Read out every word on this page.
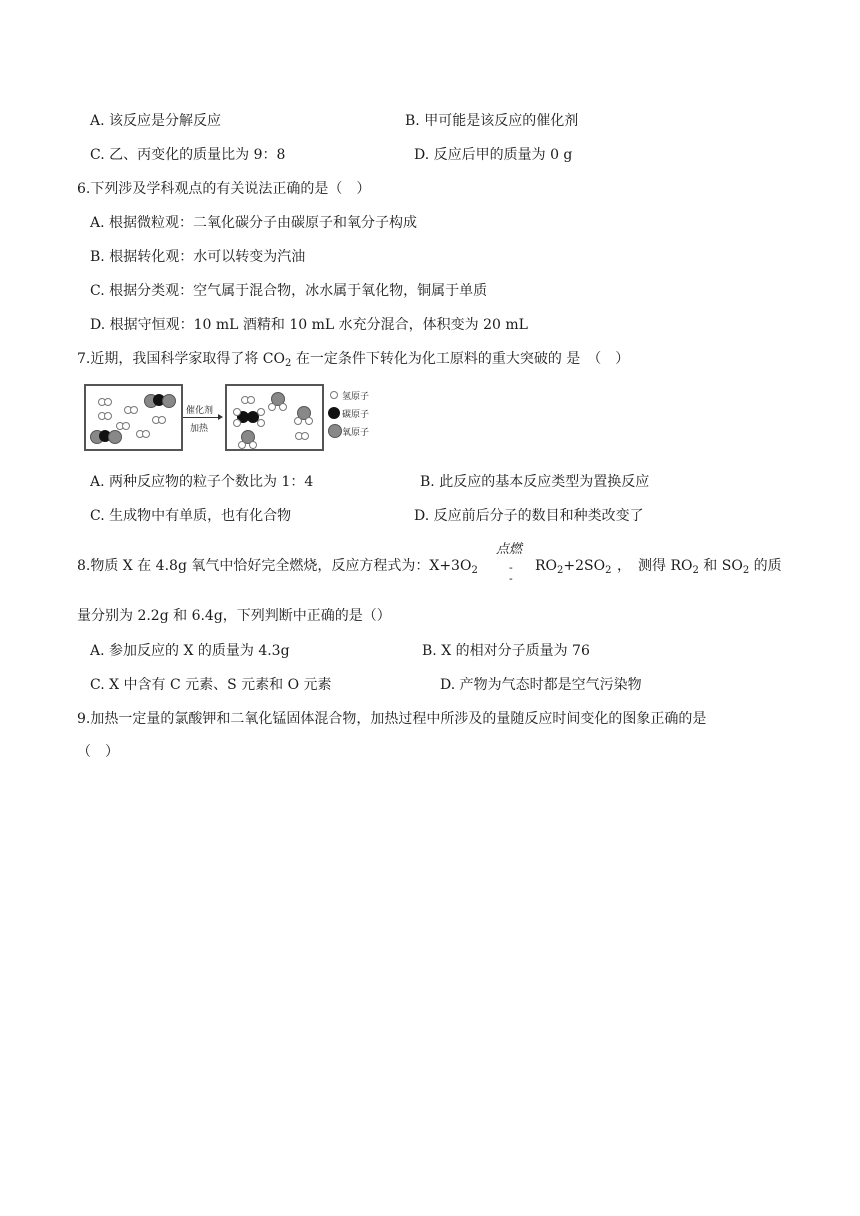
A. 该反应是分解反应	B. 甲可能是该反应的催化剂
C. 乙、丙变化的质量比为 9：8	D. 反应后甲的质量为 0 g
6.下列涉及学科观点的有关说法正确的是（　）
A. 根据微粒观：二氧化碳分子由碳原子和氧分子构成
B. 根据转化观：水可以转变为汽油
C. 根据分类观：空气属于混合物，冰水属于氧化物，铜属于单质
D. 根据守恒观：10 mL 酒精和 10 mL 水充分混合，体积变为 20 mL
7.近期，我国科学家取得了将 $CO_2$ 在一定条件下转化为化工原料的重大突破的 是　（　）
催化剂
加热
氢原子
碳原子
氧原子
A. 两种反应物的粒子个数比为 1：4	B. 此反应的基本反应类型为置换反应
C. 生成物中有单质，也有化合物	D. 反应前后分子的数目和种类改变了
8.物质 X 在 4.8g 氧气中恰好完全燃烧，反应方程式为：$X+3O_2$
点燃
-
-
$RO_2+2SO_2$ ，　测得 $RO_2$ 和 $SO_2$ 的质
量分别为 2.2g 和 6.4g，下列判断中正确的是（）
A. 参加反应的 X 的质量为 4.3g	B. X 的相对分子质量为 76
C. X 中含有 C 元素、S 元素和 O 元素	D. 产物为气态时都是空气污染物
9.加热一定量的氯酸钾和二氧化锰固体混合物，加热过程中所涉及的量随反应时间变化的图象正确的是
（　）
